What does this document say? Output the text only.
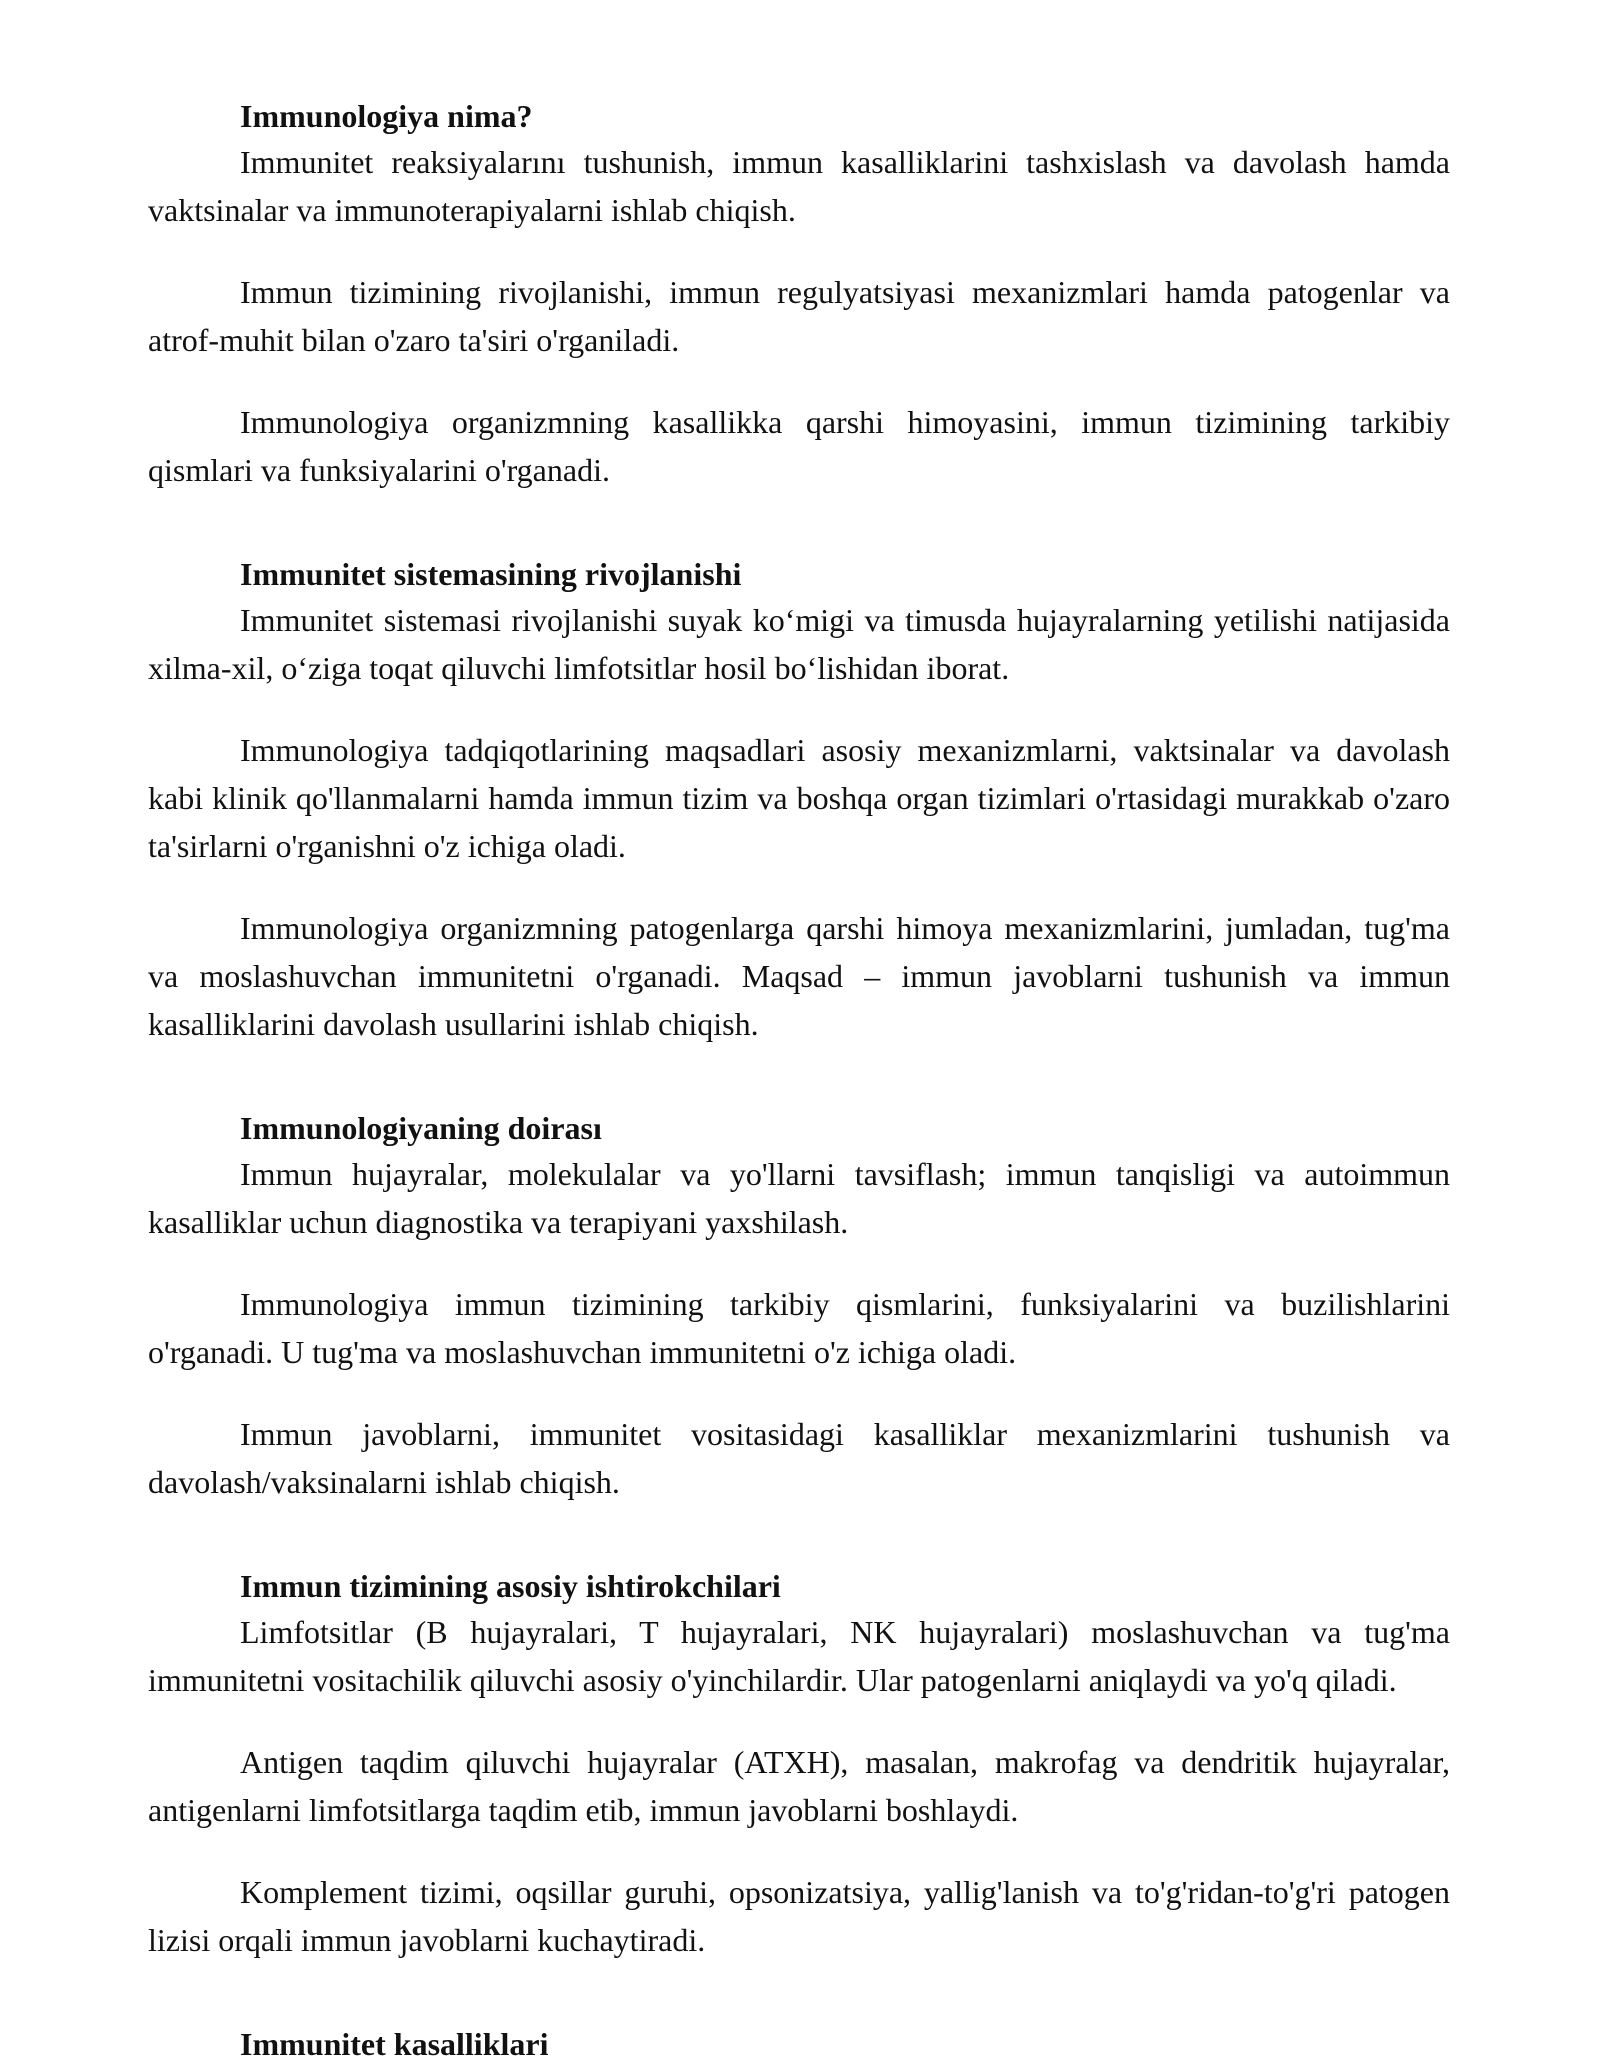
Immunologiya nima?

Immunitet reaksiyalarını tushunish, immun kasalliklarini tashxislash va davolash hamda vaktsinalar va immunoterapiyalarni ishlab chiqish.

Immun tizimining rivojlanishi, immun regulyatsiyasi mexanizmlari hamda patogenlar va atrof-muhit bilan o'zaro ta'siri o'rganiladi.

Immunologiya organizmning kasallikka qarshi himoyasini, immun tizimining tarkibiy qismlari va funksiyalarini o'rganadi.

Immunitet sistemasining rivojlanishi

Immunitet sistemasi rivojlanishi suyak ko‘migi va timusda hujayralarning yetilishi natijasida xilma-xil, o‘ziga toqat qiluvchi limfotsitlar hosil bo‘lishidan iborat.

Immunologiya tadqiqotlarining maqsadlari asosiy mexanizmlarni, vaktsinalar va davolash kabi klinik qo'llanmalarni hamda immun tizim va boshqa organ tizimlari o'rtasidagi murakkab o'zaro ta'sirlarni o'rganishni o'z ichiga oladi.

Immunologiya organizmning patogenlarga qarshi himoya mexanizmlarini, jumladan, tug'ma va moslashuvchan immunitetni o'rganadi. Maqsad – immun javoblarni tushunish va immun kasalliklarini davolash usullarini ishlab chiqish.

Immunologiyaning doirası

Immun hujayralar, molekulalar va yo'llarni tavsiflash; immun tanqisligi va autoimmun kasalliklar uchun diagnostika va terapiyani yaxshilash.

Immunologiya immun tizimining tarkibiy qismlarini, funksiyalarini va buzilishlarini o'rganadi. U tug'ma va moslashuvchan immunitetni o'z ichiga oladi.

Immun javoblarni, immunitet vositasidagi kasalliklar mexanizmlarini tushunish va davolash/vaksinalarni ishlab chiqish.

Immun tizimining asosiy ishtirokchilari

Limfotsitlar (B hujayralari, T hujayralari, NK hujayralari) moslashuvchan va tug'ma immunitetni vositachilik qiluvchi asosiy o'yinchilardir. Ular patogenlarni aniqlaydi va yo'q qiladi.

Antigen taqdim qiluvchi hujayralar (ATXH), masalan, makrofag va dendritik hujayralar, antigenlarni limfotsitlarga taqdim etib, immun javoblarni boshlaydi.

Komplement tizimi, oqsillar guruhi, opsonizatsiya, yallig'lanish va to'g'ridan-to'g'ri patogen lizisi orqali immun javoblarni kuchaytiradi.

Immunitet kasalliklari
